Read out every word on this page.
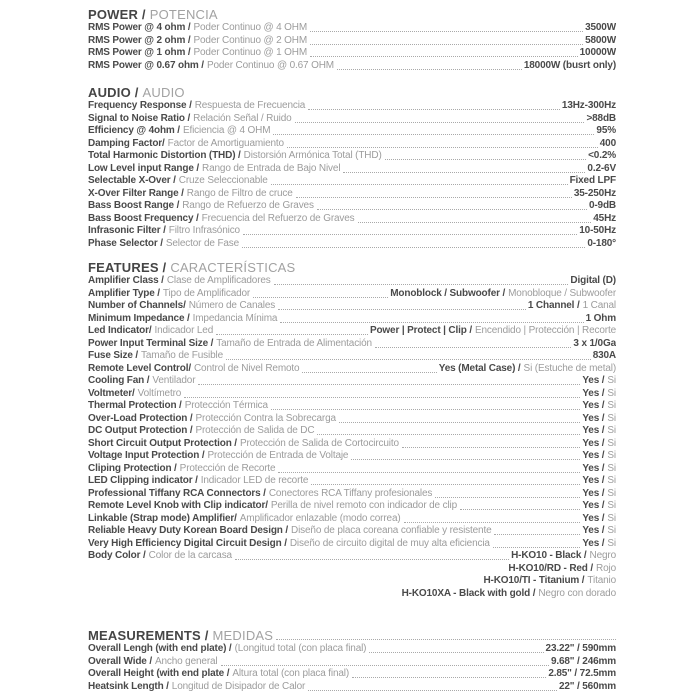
POWER / POTENCIA
RMS Power @ 4 ohm / Poder Continuo @ 4 OHM	3500W
RMS Power @ 2 ohm / Poder Continuo @ 2 OHM	5800W
RMS Power @ 1 ohm / Poder Continuo @ 1 OHM	10000W
RMS Power @ 0.67 ohm / Poder Continuo @ 0.67 OHM	18000W (busrt only)
AUDIO / AUDIO
Frequency Response / Respuesta de Frecuencia	13Hz-300Hz
Signal to Noise Ratio / Relación Señal / Ruido	>88dB
Efficiency @ 4ohm / Eficiencia @ 4 OHM	95%
Damping Factor/ Factor de Amortiguamiento	400
Total Harmonic Distortion (THD) / Distorsión Armónica Total (THD)	<0.2%
Low Level input Range / Rango de Entrada de Bajo Nivel	0.2-6V
Selectable X-Over / Cruze Seleccionable	Fixed LPF
X-Over Filter Range / Rango de Filtro de cruce	35-250Hz
Bass Boost Range / Rango de Refuerzo de Graves	0-9dB
Bass Boost Frequency / Frecuencia del Refuerzo de Graves	45Hz
Infrasonic Filter / Filtro Infrasónico	10-50Hz
Phase Selector / Selector de Fase	0-180°
FEATURES / CARACTERÍSTICAS
Amplifier Class / Clase de Amplificadores	Digital (D)
Amplifier Type / Tipo de Amplificador	Monoblock / Subwoofer / Monobloque / Subwoofer
Number of Channels/ Número de Canales	1 Channel / 1 Canal
Minimum Impedance / Impedancia Mínima	1 Ohm
Led Indicator/ Indicador Led	Power | Protect | Clip / Encendido | Protección | Recorte
Power Input Terminal Size / Tamaño de Entrada de Alimentación	3 x 1/0Ga
Fuse Size / Tamaño de Fusible	830A
Remote Level Control/ Control de Nivel Remoto	Yes (Metal Case) / Si (Estuche de metal)
Cooling Fan / Ventilador	Yes / Si
Voltmeter/ Voltímetro	Yes / Si
Thermal Protection / Protección Térmica	Yes / Si
Over-Load Protection / Protección Contra la Sobrecarga	Yes / Si
DC Output Protection / Protección de Salida de DC	Yes / Si
Short Circuit Output Protection / Protección de Salida de Cortocircuito	Yes / Si
Voltage Input Protection / Protección de Entrada de Voltaje	Yes / Si
Cliping Protection / Protección de Recorte	Yes / Si
LED Clipping indicator / Indicador LED de recorte	Yes / Si
Professional Tiffany RCA Connectors / Conectores RCA Tiffany profesionales	Yes / Si
Remote Level Knob with Clip indicator/ Perilla de nivel remoto con indicador de clip	Yes / Si
Linkable (Strap mode) Amplifier/ Amplificador enlazable (modo correa)	Yes / Si
Reliable Heavy Duty Korean Board Design / Diseño de placa coreana confiable y resistente	Yes / Si
Very High Efficiency Digital Circuit Design / Diseño de circuito digital de muy alta eficiencia	Yes / Si
Body Color / Color de la carcasa	H-KO10 - Black / Negro
H-KO10/RD - Red / Rojo
H-KO10/TI - Titanium / Titanio
H-KO10XA - Black with gold / Negro con dorado
MEASUREMENTS / MEDIDAS
Overall Lengh (with end plate) / (Longitud total (con placa final)	23.22" / 590mm
Overall Wide / Ancho general	9.68" / 246mm
Overall Height (with end plate / Altura total (con placa final)	2.85" / 72.5mm
Heatsink Length / Longitud de Disipador de Calor	22" / 560mm
